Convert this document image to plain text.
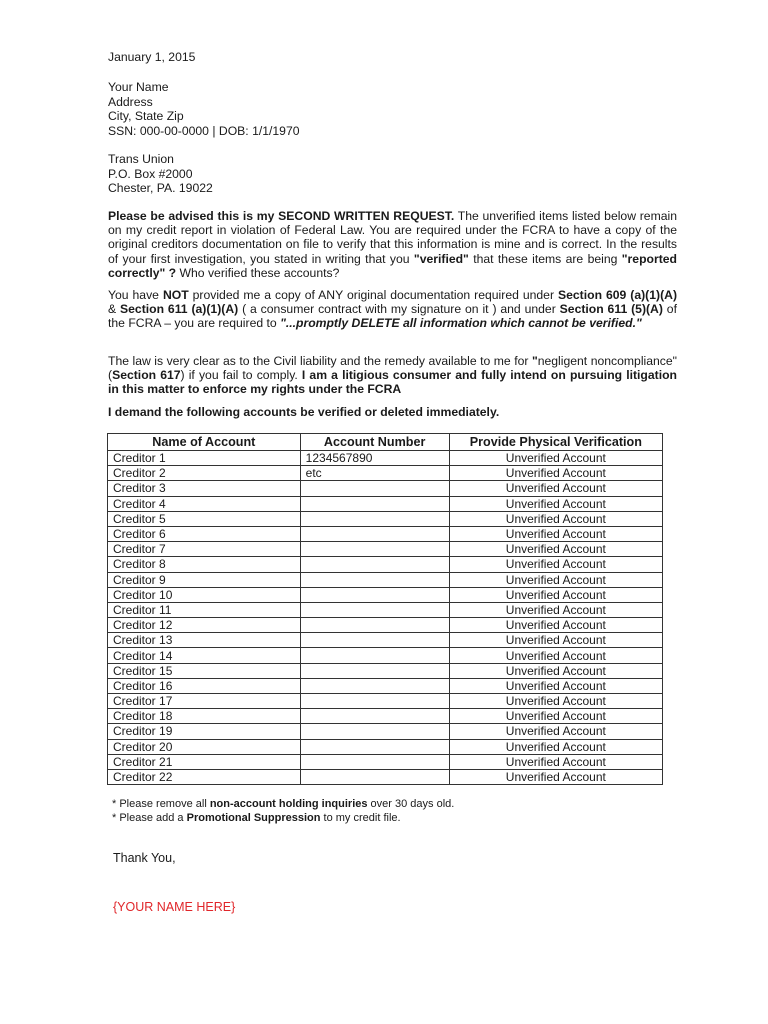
January 1, 2015
Your Name
Address
City, State Zip
SSN: 000-00-0000 | DOB: 1/1/1970
Trans Union
P.O. Box #2000
Chester, PA. 19022
Please be advised this is my SECOND WRITTEN REQUEST. The unverified items listed below remain on my credit report in violation of Federal Law. You are required under the FCRA to have a copy of the original creditors documentation on file to verify that this information is mine and is correct. In the results of your first investigation, you stated in writing that you "verified" that these items are being "reported correctly" ? Who verified these accounts?
You have NOT provided me a copy of ANY original documentation required under Section 609 (a)(1)(A) & Section 611 (a)(1)(A) ( a consumer contract with my signature on it ) and under Section 611 (5)(A) of the FCRA – you are required to "...promptly DELETE all information which cannot be verified."
The law is very clear as to the Civil liability and the remedy available to me for "negligent noncompliance" (Section 617) if you fail to comply. I am a litigious consumer and fully intend on pursuing litigation in this matter to enforce my rights under the FCRA
I demand the following accounts be verified or deleted immediately.
Name of Account	Account Number	Provide Physical Verification
Creditor 1	1234567890	Unverified Account
Creditor 2	etc	Unverified Account
Creditor 3		Unverified Account
Creditor 4		Unverified Account
Creditor 5		Unverified Account
Creditor 6		Unverified Account
Creditor 7		Unverified Account
Creditor 8		Unverified Account
Creditor 9		Unverified Account
Creditor 10		Unverified Account
Creditor 11		Unverified Account
Creditor 12		Unverified Account
Creditor 13		Unverified Account
Creditor 14		Unverified Account
Creditor 15		Unverified Account
Creditor 16		Unverified Account
Creditor 17		Unverified Account
Creditor 18		Unverified Account
Creditor 19		Unverified Account
Creditor 20		Unverified Account
Creditor 21		Unverified Account
Creditor 22		Unverified Account
* Please remove all non-account holding inquiries over 30 days old.
* Please add a Promotional Suppression to my credit file.
Thank You,
{YOUR NAME HERE}
